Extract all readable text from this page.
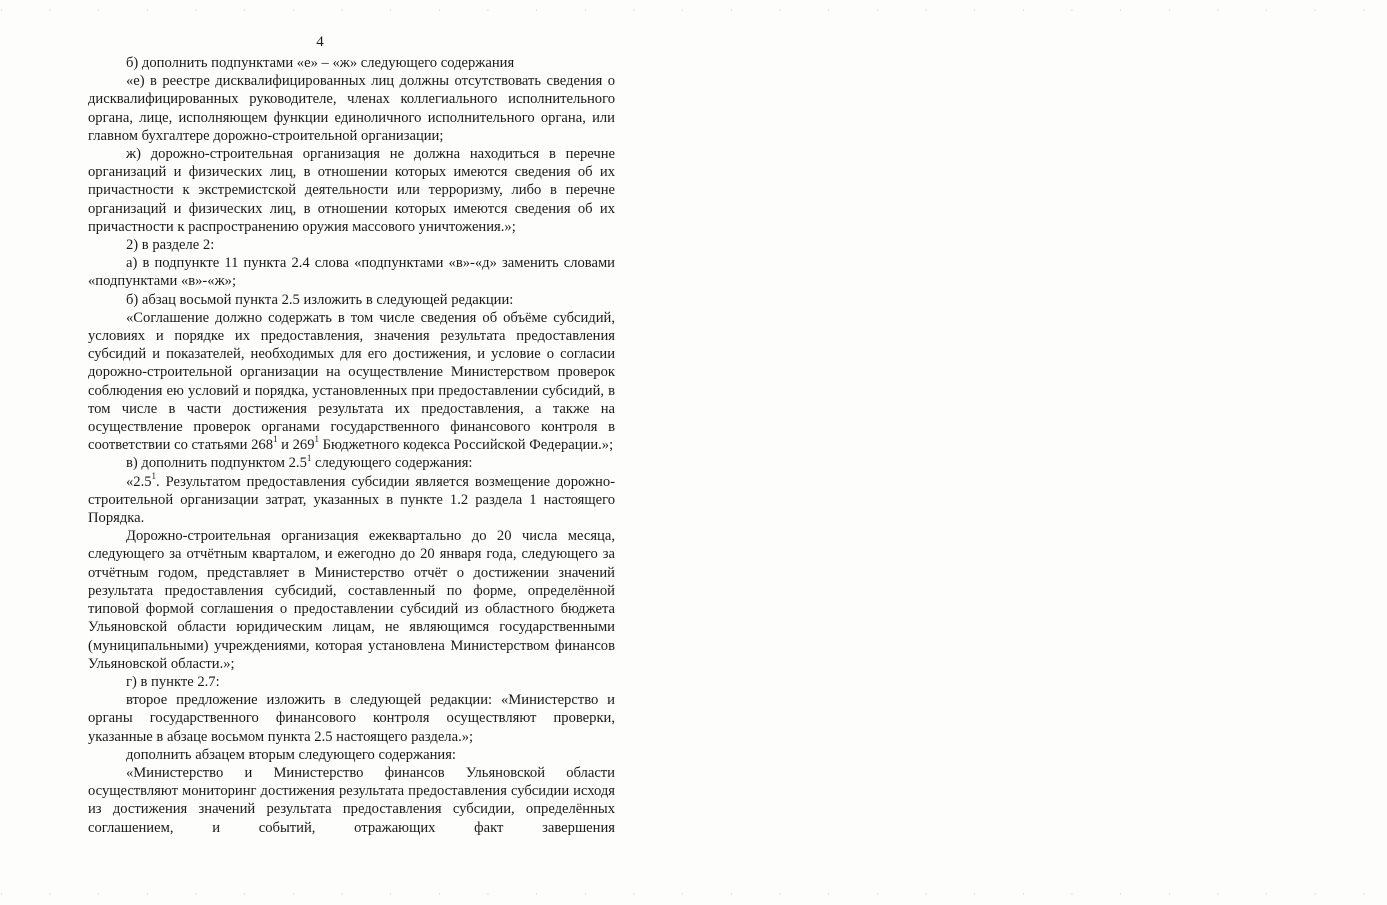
4

б) дополнить подпунктами «е» – «ж» следующего содержания

«е) в реестре дисквалифицированных лиц должны отсутствовать сведения о дисквалифицированных руководителе, членах коллегиального исполнительного органа, лице, исполняющем функции единоличного исполнительного органа, или главном бухгалтере дорожно-строительной организации;

ж) дорожно-строительная организация не должна находиться в перечне организаций и физических лиц, в отношении которых имеются сведения об их причастности к экстремистской деятельности или терроризму, либо в перечне организаций и физических лиц, в отношении которых имеются сведения об их причастности к распространению оружия массового уничтожения.»;

2) в разделе 2:

а) в подпункте 11 пункта 2.4 слова «подпунктами «в»-«д» заменить словами «подпунктами «в»-«ж»;

б) абзац восьмой пункта 2.5 изложить в следующей редакции:

«Соглашение должно содержать в том числе сведения об объёме субсидий, условиях и порядке их предоставления, значения результата предоставления субсидий и показателей, необходимых для его достижения, и условие о согласии дорожно-строительной организации на осуществление Министерством проверок соблюдения ею условий и порядка, установленных при предоставлении субсидий, в том числе в части достижения результата их предоставления, а также на осуществление проверок органами государственного финансового контроля в соответствии со статьями $268^1$ и $269^1$ Бюджетного кодекса Российской Федерации.»;

в) дополнить подпунктом $2.5^1$ следующего содержания:

«$2.5^1$. Результатом предоставления субсидии является возмещение дорожно-строительной организации затрат, указанных в пункте 1.2 раздела 1 настоящего Порядка.

Дорожно-строительная организация ежеквартально до 20 числа месяца, следующего за отчётным кварталом, и ежегодно до 20 января года, следующего за отчётным годом, представляет в Министерство отчёт о достижении значений результата предоставления субсидий, составленный по форме, определённой типовой формой соглашения о предоставлении субсидий из областного бюджета Ульяновской области юридическим лицам, не являющимся государственными (муниципальными) учреждениями, которая установлена Министерством финансов Ульяновской области.»;

г) в пункте 2.7:

второе предложение изложить в следующей редакции: «Министерство и органы государственного финансового контроля осуществляют проверки, указанные в абзаце восьмом пункта 2.5 настоящего раздела.»;

дополнить абзацем вторым следующего содержания:

«Министерство и Министерство финансов Ульяновской области осуществляют мониторинг достижения результата предоставления субсидии исходя из достижения значений результата предоставления субсидии, определённых соглашением, и событий, отражающих факт завершения

· · · · · · · · · · · · · · · · · · · · · · · · · · · · ·
· · · · · · · · · · · · · · · · · · · · · · · · · · · · ·
